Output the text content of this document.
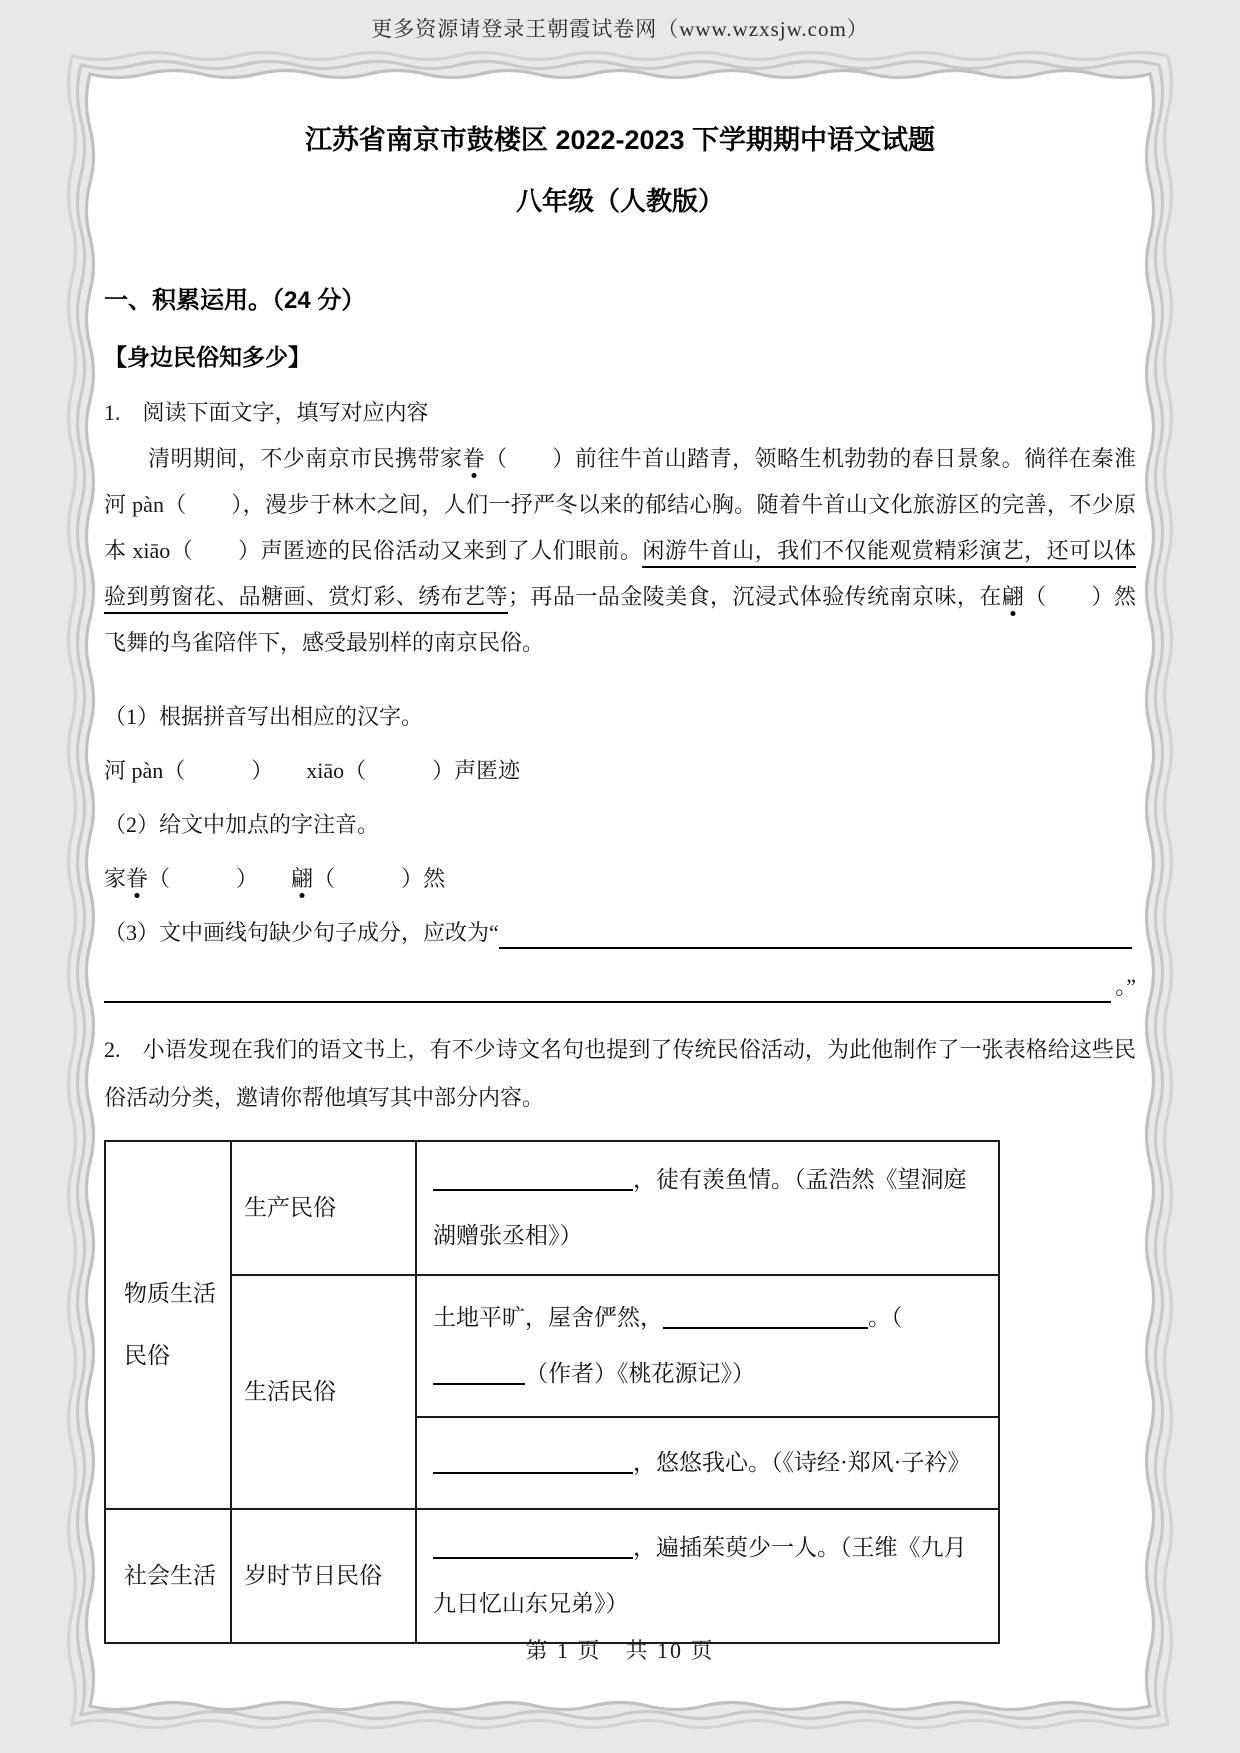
更多资源请登录王朝霞试卷网（www.wzxsjw.com）
江苏省南京市鼓楼区 2022-2023 下学期期中语文试题
八年级（人教版）
一、积累运用。（24 分）
【身边民俗知多少】
1.　阅读下面文字，填写对应内容

清明期间，不少南京市民携带家眷（　　）前往牛首山踏青，领略生机勃勃的春日景象。徜徉在秦淮河 pàn（　　），漫步于林木之间，人们一抒严冬以来的郁结心胸。随着牛首山文化旅游区的完善，不少原本 xiāo（　　）声匿迹的民俗活动又来到了人们眼前。闲游牛首山，我们不仅能观赏精彩演艺，还可以体验到剪窗花、品糖画、赏灯彩、绣布艺等；再品一品金陵美食，沉浸式体验传统南京味，在翩（　　）然飞舞的鸟雀陪伴下，感受最别样的南京民俗。

（1）根据拼音写出相应的汉字。
河 pàn（　　　）　　xiāo（　　　）声匿迹
（2）给文中加点的字注音。
家眷（　　　）　　翩（　　　）然
（3）文中画线句缺少句子成分，应改为“
。”
2.　小语发现在我们的语文书上，有不少诗文名句也提到了传统民俗活动，为此他制作了一张表格给这些民俗活动分类，邀请你帮他填写其中部分内容。
物质生活民俗	生产民俗	，徒有羡鱼情。（孟浩然《望洞庭湖赠张丞相》）
	生活民俗	土地平旷，屋舍俨然， 。（（作者）《桃花源记》）
		，悠悠我心。（《诗经·郑风·子衿》
社会生活	岁时节日民俗	，遍插茱萸少一人。（王维《九月九日忆山东兄弟》）
第 1 页　共 10 页
